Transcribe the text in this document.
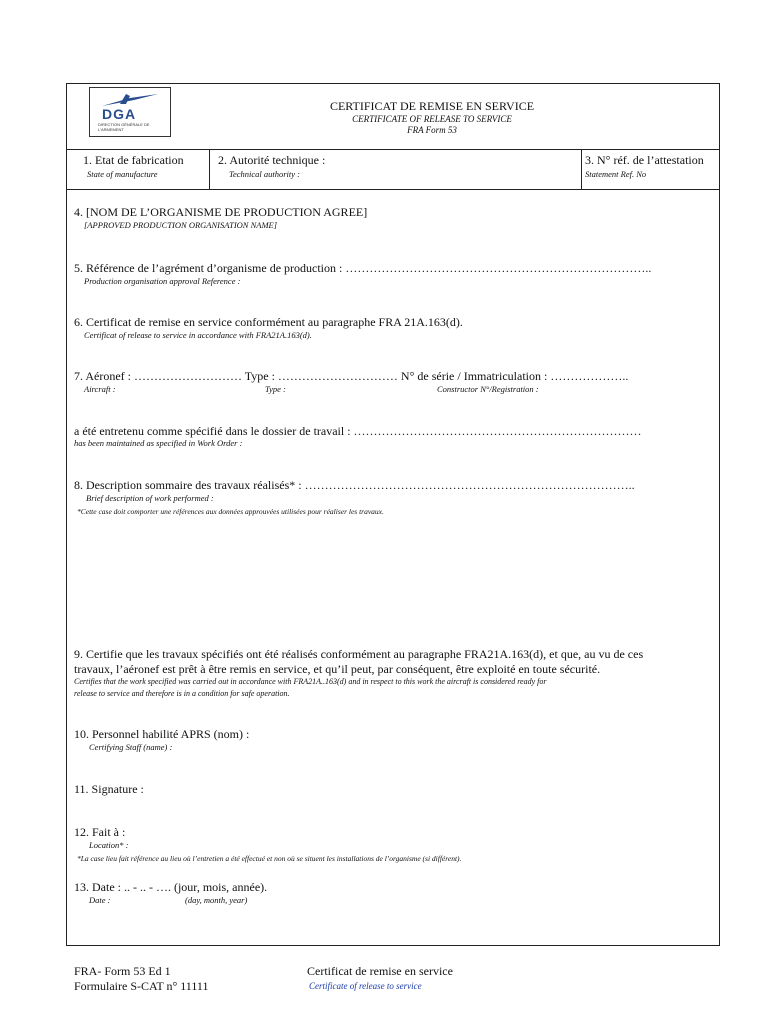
DGA
DIRECTION GÉNÉRALE DE L'ARMEMENT
CERTIFICAT DE REMISE EN SERVICE
CERTIFICATE OF RELEASE TO SERVICE
FRA Form 53
1. Etat de fabrication
State of manufacture
2. Autorité technique :
Technical authority :
3. N° réf. de l’attestation
Statement Ref. No
4. [NOM DE L’ORGANISME DE PRODUCTION AGREE]
[APPROVED PRODUCTION ORGANISATION NAME]
5. Référence de l’agrément d’organisme de production : …………………………………………………………………..
Production organisation approval Reference :
6. Certificat de remise en service conformément au paragraphe FRA 21A.163(d).
Certificat of release to service in accordance with FRA21A.163(d).
7. Aéronef : ……………………… Type : ………………………… N° de série / Immatriculation : ………………..
Aircraft :	Type :	Constructor N°/Registration :
a été entretenu comme spécifié dans le dossier de travail : ………………………………………………………………
has been maintained as specified in Work Order :
8. Description sommaire des travaux réalisés* : ………………………………………………………………………..
Brief description of work performed :
*Cette case doit comporter une références aux données approuvées utilisées pour réaliser les travaux.
9. Certifie que les travaux spécifiés ont été réalisés conformément au paragraphe FRA21A.163(d), et que, au vu de ces
travaux, l’aéronef est prêt à être remis en service, et qu’il peut, par conséquent, être exploité en toute sécurité.
Certifies that the work specified was carried out in accordance with FRA21A..163(d) and in respect to this work the aircraft is considered ready for
release to service and therefore is in a condition for safe operation.
10. Personnel habilité APRS (nom) :
Certifying Staff (name) :
11. Signature :
12. Fait à :
Location* :
*La case lieu fait référence au lieu où l’entretien a été effectué et non où se situent les installations de l’organisme (si différent).
13. Date : .. - .. - …. (jour, mois, année).
Date :	(day, month, year)
FRA- Form 53 Ed 1
Formulaire S-CAT n° 11111
Certificat de remise en service
Certificate of release to service
